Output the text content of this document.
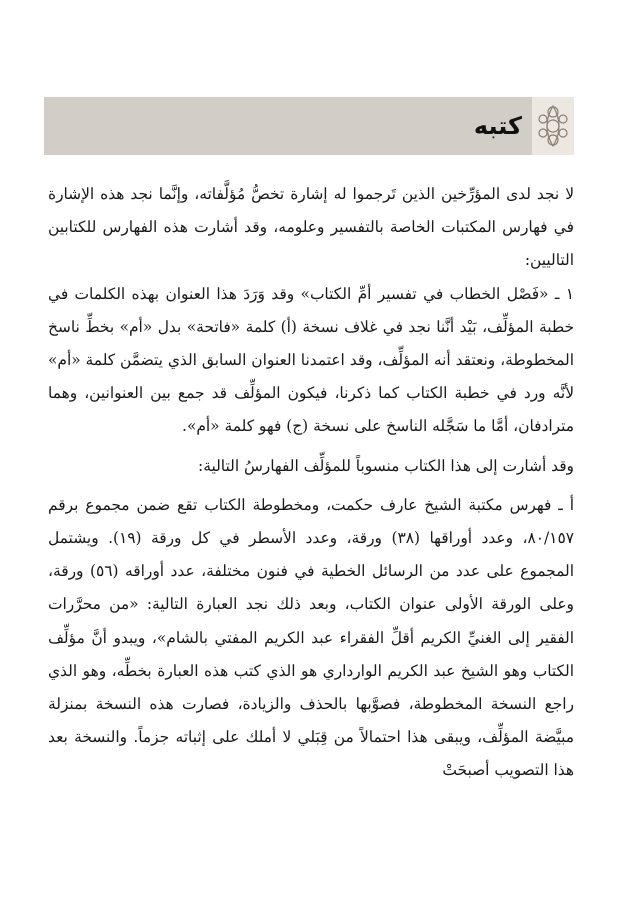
كتبه

لا نجد لدى المؤرِّخين الذين تَرجموا له إشارة تخصُّ مُؤلَّفاته، وإنَّما نجد هذه الإشارة في فهارس المكتبات الخاصة بالتفسير وعلومه، وقد أشارت هذه الفهارس للكتابين التاليين:

١ ـ «فَصْل الخطاب في تفسير أمِّ الكتاب» وقد وَرَدَ هذا العنوان بهذه الكلمات في خطبة المؤلِّف، بَيْد أنَّنا نجد في غلاف نسخة (أ) كلمة «فاتحة» بدل «أم» بخطِّ ناسخ المخطوطة، ونعتقد أنه المؤلِّف، وقد اعتمدنا العنوان السابق الذي يتضمَّن كلمة «أم» لأنَّه ورد في خطبة الكتاب كما ذكرنا، فيكون المؤلِّف قد جمع بين العنوانين، وهما مترادفان، أمَّا ما سَجَّله الناسخ على نسخة (ج) فهو كلمة «أم».

وقد أشارت إلى هذا الكتاب منسوباً للمؤلِّف الفهارسُ التالية:

أ ـ فهرس مكتبة الشيخ عارف حكمت، ومخطوطة الكتاب تقع ضمن مجموع برقم ٨٠/١٥٧، وعدد أوراقها (٣٨) ورقة، وعدد الأسطر في كل ورقة (١٩). ويشتمل المجموع على عدد من الرسائل الخطية في فنون مختلفة، عدد أوراقه (٥٦) ورقة، وعلى الورقة الأولى عنوان الكتاب، وبعد ذلك نجد العبارة التالية: «من محرَّرات الفقير إلى الغنيِّ الكريم أقلِّ الفقراء عبد الكريم المفتي بالشام»، ويبدو أنَّ مؤلِّف الكتاب وهو الشيخ عبد الكريم الوارداري هو الذي كتب هذه العبارة بخطِّه، وهو الذي راجع النسخة المخطوطة، فصوَّبها بالحذف والزيادة، فصارت هذه النسخة بمنزلة مبيَّضة المؤلِّف، ويبقى هذا احتمالاً من قِبَلي لا أملك على إثباته جزماً. والنسخة بعد هذا التصويب أصبحَتْ
